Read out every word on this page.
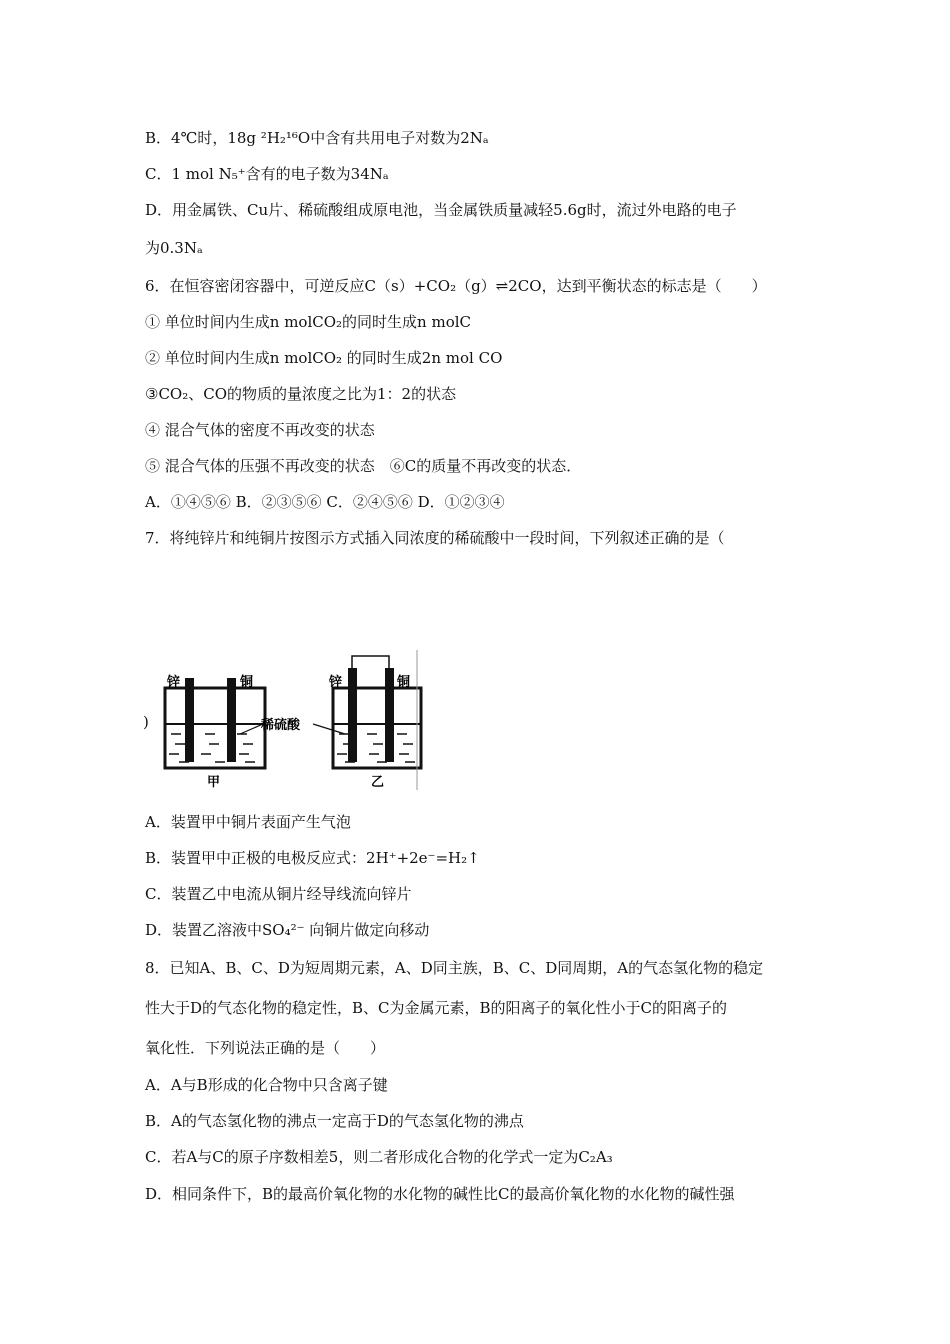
B．4℃时，18g ²H₂¹⁶O中含有共用电子对数为2Nₐ
C．1 mol N₅⁺含有的电子数为34Nₐ
D．用金属铁、Cu片、稀硫酸组成原电池，当金属铁质量减轻5.6g时，流过外电路的电子
为0.3Nₐ
6．在恒容密闭容器中，可逆反应C（s）+CO₂（g）⇌2CO，达到平衡状态的标志是（　　）
① 单位时间内生成n molCO₂的同时生成n molC
② 单位时间内生成n molCO₂ 的同时生成2n mol CO
③CO₂、CO的物质的量浓度之比为1：2的状态
④ 混合气体的密度不再改变的状态
⑤ 混合气体的压强不再改变的状态　⑥C的质量不再改变的状态．
A．①④⑤⑥ B．②③⑤⑥ C．②④⑤⑥ D．①②③④
7．将纯锌片和纯铜片按图示方式插入同浓度的稀硫酸中一段时间，下列叙述正确的是（
)
锌	铜
甲
稀硫酸
锌	铜
乙
A．装置甲中铜片表面产生气泡
B．装置甲中正极的电极反应式：2H⁺+2e⁻=H₂↑
C．装置乙中电流从铜片经导线流向锌片
D．装置乙溶液中SO₄²⁻ 向铜片做定向移动
8．已知A、B、C、D为短周期元素，A、D同主族，B、C、D同周期，A的气态氢化物的稳定
性大于D的气态化物的稳定性，B、C为金属元素，B的阳离子的氧化性小于C的阳离子的
氧化性．下列说法正确的是（　　）
A．A与B形成的化合物中只含离子键
B．A的气态氢化物的沸点一定高于D的气态氢化物的沸点
C．若A与C的原子序数相差5，则二者形成化合物的化学式一定为C₂A₃
D．相同条件下，B的最高价氧化物的水化物的碱性比C的最高价氧化物的水化物的碱性强
